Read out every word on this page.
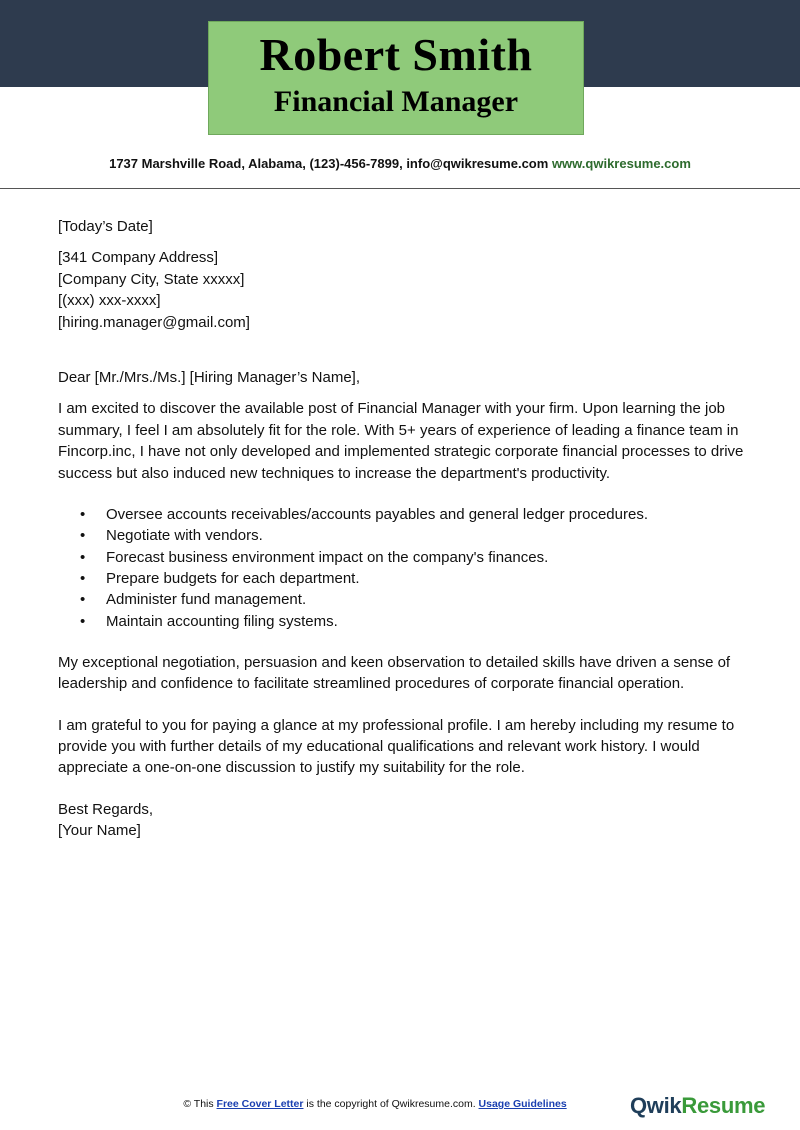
Robert Smith
Financial Manager
1737 Marshville Road, Alabama, (123)-456-7899, info@qwikresume.com www.qwikresume.com

[Today’s Date]

[341 Company Address]

[Company City, State xxxxx]

[(xxx) xxx-xxxx]

[hiring.manager@gmail.com]

Dear [Mr./Mrs./Ms.] [Hiring Manager’s Name],

I am excited to discover the available post of Financial Manager with your firm. Upon learning the job summary, I feel I am absolutely fit for the role. With 5+ years of experience of leading a finance team in Fincorp.inc, I have not only developed and implemented strategic corporate financial processes to drive success but also induced new techniques to increase the department's productivity.

• Oversee accounts receivables/accounts payables and general ledger procedures.
• Negotiate with vendors.
• Forecast business environment impact on the company's finances.
• Prepare budgets for each department.
• Administer fund management.
• Maintain accounting filing systems.

My exceptional negotiation, persuasion and keen observation to detailed skills have driven a sense of leadership and confidence to facilitate streamlined procedures of corporate financial operation.

I am grateful to you for paying a glance at my professional profile. I am hereby including my resume to provide you with further details of my educational qualifications and relevant work history. I would appreciate a one-on-one discussion to justify my suitability for the role.

Best Regards,

[Your Name]

© This Free Cover Letter is the copyright of Qwikresume.com. Usage Guidelines	QwikResume
